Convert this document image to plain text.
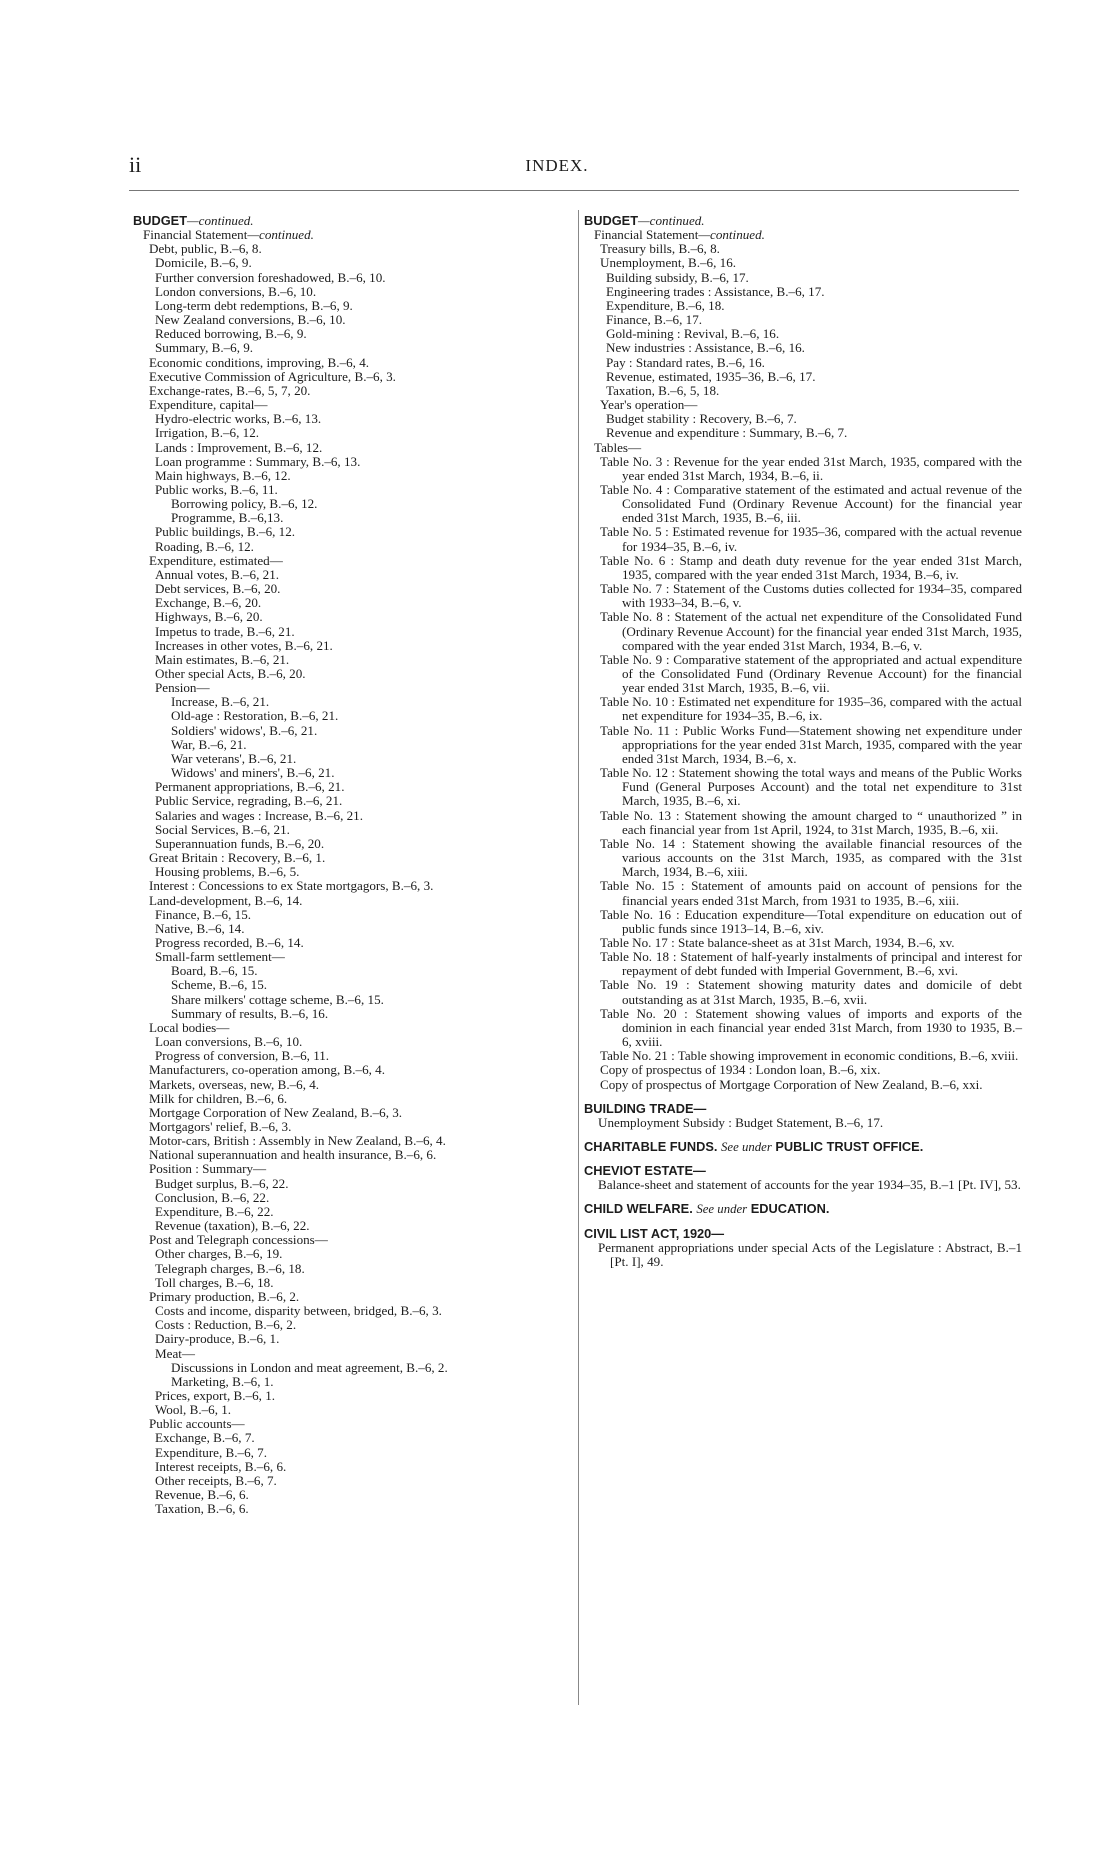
ii	INDEX.
BUDGET—continued.
Financial Statement—continued.
Debt, public, B.–6, 8.
Domicile, B.–6, 9.
Further conversion foreshadowed, B.–6, 10.
London conversions, B.–6, 10.
Long-term debt redemptions, B.–6, 9.
New Zealand conversions, B.–6, 10.
Reduced borrowing, B.–6, 9.
Summary, B.–6, 9.
Economic conditions, improving, B.–6, 4.
Executive Commission of Agriculture, B.–6, 3.
Exchange-rates, B.–6, 5, 7, 20.
Expenditure, capital—
Hydro-electric works, B.–6, 13.
Irrigation, B.–6, 12.
Lands : Improvement, B.–6, 12.
Loan programme : Summary, B.–6, 13.
Main highways, B.–6, 12.
Public works, B.–6, 11.
Borrowing policy, B.–6, 12.
Programme, B.–6,13.
Public buildings, B.–6, 12.
Roading, B.–6, 12.
Expenditure, estimated—
Annual votes, B.–6, 21.
Debt services, B.–6, 20.
Exchange, B.–6, 20.
Highways, B.–6, 20.
Impetus to trade, B.–6, 21.
Increases in other votes, B.–6, 21.
Main estimates, B.–6, 21.
Other special Acts, B.–6, 20.
Pension—
Increase, B.–6, 21.
Old-age : Restoration, B.–6, 21.
Soldiers' widows', B.–6, 21.
War, B.–6, 21.
War veterans', B.–6, 21.
Widows' and miners', B.–6, 21.
Permanent appropriations, B.–6, 21.
Public Service, regrading, B.–6, 21.
Salaries and wages : Increase, B.–6, 21.
Social Services, B.–6, 21.
Superannuation funds, B.–6, 20.
Great Britain : Recovery, B.–6, 1.
Housing problems, B.–6, 5.
Interest : Concessions to ex State mortgagors, B.–6, 3.
Land-development, B.–6, 14.
Finance, B.–6, 15.
Native, B.–6, 14.
Progress recorded, B.–6, 14.
Small-farm settlement—
Board, B.–6, 15.
Scheme, B.–6, 15.
Share milkers' cottage scheme, B.–6, 15.
Summary of results, B.–6, 16.
Local bodies—
Loan conversions, B.–6, 10.
Progress of conversion, B.–6, 11.
Manufacturers, co-operation among, B.–6, 4.
Markets, overseas, new, B.–6, 4.
Milk for children, B.–6, 6.
Mortgage Corporation of New Zealand, B.–6, 3.
Mortgagors' relief, B.–6, 3.
Motor-cars, British : Assembly in New Zealand, B.–6, 4.
National superannuation and health insurance, B.–6, 6.
Position : Summary—
Budget surplus, B.–6, 22.
Conclusion, B.–6, 22.
Expenditure, B.–6, 22.
Revenue (taxation), B.–6, 22.
Post and Telegraph concessions—
Other charges, B.–6, 19.
Telegraph charges, B.–6, 18.
Toll charges, B.–6, 18.
Primary production, B.–6, 2.
Costs and income, disparity between, bridged, B.–6, 3.
Costs : Reduction, B.–6, 2.
Dairy-produce, B.–6, 1.
Meat—
Discussions in London and meat agreement, B.–6, 2.
Marketing, B.–6, 1.
Prices, export, B.–6, 1.
Wool, B.–6, 1.
Public accounts—
Exchange, B.–6, 7.
Expenditure, B.–6, 7.
Interest receipts, B.–6, 6.
Other receipts, B.–6, 7.
Revenue, B.–6, 6.
Taxation, B.–6, 6.
BUDGET—continued.
Financial Statement—continued.
Treasury bills, B.–6, 8.
Unemployment, B.–6, 16.
Building subsidy, B.–6, 17.
Engineering trades : Assistance, B.–6, 17.
Expenditure, B.–6, 18.
Finance, B.–6, 17.
Gold-mining : Revival, B.–6, 16.
New industries : Assistance, B.–6, 16.
Pay : Standard rates, B.–6, 16.
Revenue, estimated, 1935–36, B.–6, 17.
Taxation, B.–6, 5, 18.
Year's operation—
Budget stability : Recovery, B.–6, 7.
Revenue and expenditure : Summary, B.–6, 7.
Tables—
Table No. 3 : Revenue for the year ended 31st March, 1935, compared with the year ended 31st March, 1934, B.–6, ii.
Table No. 4 : Comparative statement of the estimated and actual revenue of the Consolidated Fund (Ordinary Revenue Account) for the financial year ended 31st March, 1935, B.–6, iii.
Table No. 5 : Estimated revenue for 1935–36, compared with the actual revenue for 1934–35, B.–6, iv.
Table No. 6 : Stamp and death duty revenue for the year ended 31st March, 1935, compared with the year ended 31st March, 1934, B.–6, iv.
Table No. 7 : Statement of the Customs duties collected for 1934–35, compared with 1933–34, B.–6, v.
Table No. 8 : Statement of the actual net expenditure of the Consolidated Fund (Ordinary Revenue Account) for the financial year ended 31st March, 1935, compared with the year ended 31st March, 1934, B.–6, v.
Table No. 9 : Comparative statement of the appropriated and actual expenditure of the Consolidated Fund (Ordinary Revenue Account) for the financial year ended 31st March, 1935, B.–6, vii.
Table No. 10 : Estimated net expenditure for 1935–36, compared with the actual net expenditure for 1934–35, B.–6, ix.
Table No. 11 : Public Works Fund—Statement showing net expenditure under appropriations for the year ended 31st March, 1935, compared with the year ended 31st March, 1934, B.–6, x.
Table No. 12 : Statement showing the total ways and means of the Public Works Fund (General Purposes Account) and the total net expenditure to 31st March, 1935, B.–6, xi.
Table No. 13 : Statement showing the amount charged to “ unauthorized ” in each financial year from 1st April, 1924, to 31st March, 1935, B.–6, xii.
Table No. 14 : Statement showing the available financial resources of the various accounts on the 31st March, 1935, as compared with the 31st March, 1934, B.–6, xiii.
Table No. 15 : Statement of amounts paid on account of pensions for the financial years ended 31st March, from 1931 to 1935, B.–6, xiii.
Table No. 16 : Education expenditure—Total expenditure on education out of public funds since 1913–14, B.–6, xiv.
Table No. 17 : State balance-sheet as at 31st March, 1934, B.–6, xv.
Table No. 18 : Statement of half-yearly instalments of principal and interest for repayment of debt funded with Imperial Government, B.–6, xvi.
Table No. 19 : Statement showing maturity dates and domicile of debt outstanding as at 31st March, 1935, B.–6, xvii.
Table No. 20 : Statement showing values of imports and exports of the dominion in each financial year ended 31st March, from 1930 to 1935, B.–6, xviii.
Table No. 21 : Table showing improvement in economic conditions, B.–6, xviii.
Copy of prospectus of 1934 : London loan, B.–6, xix.
Copy of prospectus of Mortgage Corporation of New Zealand, B.–6, xxi.
BUILDING TRADE—
Unemployment Subsidy : Budget Statement, B.–6, 17.
CHARITABLE FUNDS. See under PUBLIC TRUST OFFICE.
CHEVIOT ESTATE—
Balance-sheet and statement of accounts for the year 1934–35, B.–1 [Pt. IV], 53.
CHILD WELFARE. See under EDUCATION.
CIVIL LIST ACT, 1920—
Permanent appropriations under special Acts of the Legislature : Abstract, B.–1 [Pt. I], 49.
